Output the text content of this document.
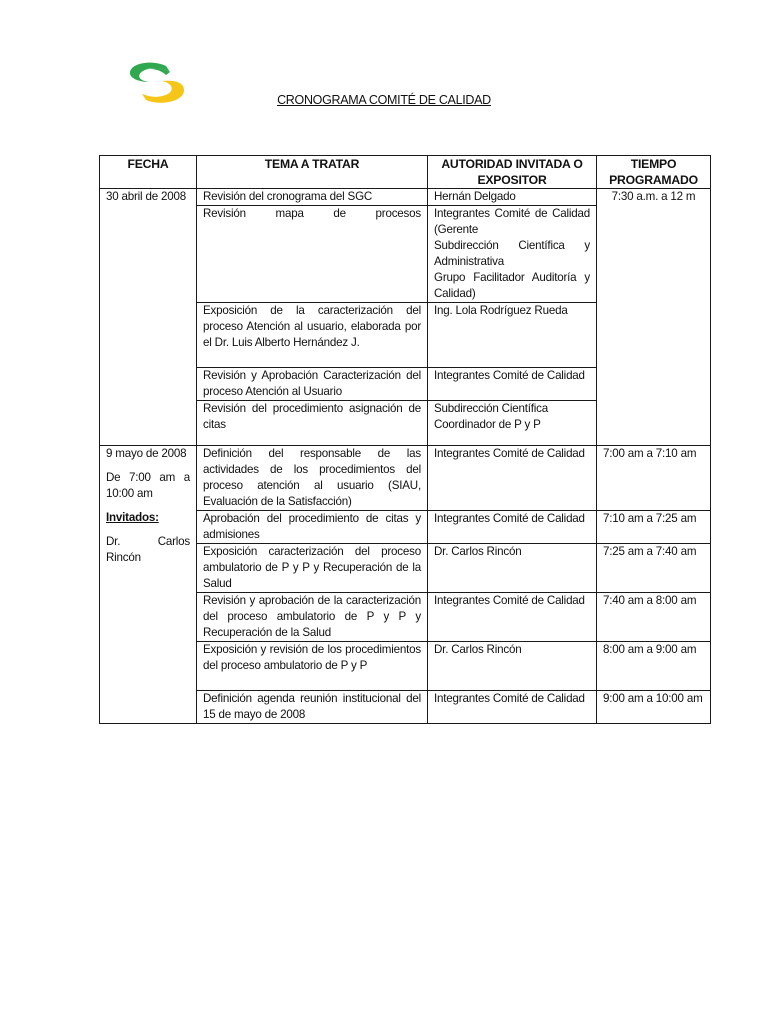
CRONOGRAMA COMITÉ DE CALIDAD
FECHA	TEMA A TRATAR	AUTORIDAD INVITADA O EXPOSITOR	TIEMPO PROGRAMADO
30 abril de 2008	Revisión del cronograma del SGC	Hernán Delgado	7:30 a.m. a 12 m

	Revisión mapa de procesos	Integrantes Comité de Calidad (Gerente
Subdirección Científica y Administrativa
Grupo Facilitador Auditoría y Calidad)	

	Exposición de la caracterización del proceso Atención al usuario, elaborada por el Dr. Luis Alberto Hernández J.	Ing. Lola Rodríguez Rueda	
	Revisión y Aprobación Caracterización del proceso Atención al Usuario	Integrantes Comité de Calidad	
	Revisión del procedimiento asignación de citas	Subdirección Científica
Coordinador de P y P	

9 mayo de 2008
De 7:00 am a 10:00 am
Invitados:
Dr. Carlos Rincón	Definición del responsable de las actividades de los procedimientos del proceso atención al usuario (SIAU, Evaluación de la Satisfacción)	Integrantes Comité de Calidad	7:00 am a 7:10 am
	Aprobación del procedimiento de citas y admisiones	Integrantes Comité de Calidad	7:10 am a 7:25 am
	Exposición caracterización del proceso ambulatorio de P y P y Recuperación de la Salud	Dr. Carlos Rincón	7:25 am a 7:40 am
	Revisión y aprobación de la caracterización del proceso ambulatorio de P y P y Recuperación de la Salud	Integrantes Comité de Calidad	7:40 am a 8:00 am
	Exposición y revisión de los procedimientos del proceso ambulatorio de P y P	Dr. Carlos Rincón	8:00 am a 9:00 am
	Definición agenda reunión institucional del 15 de mayo de 2008	Integrantes Comité de Calidad	9:00 am a 10:00 am
